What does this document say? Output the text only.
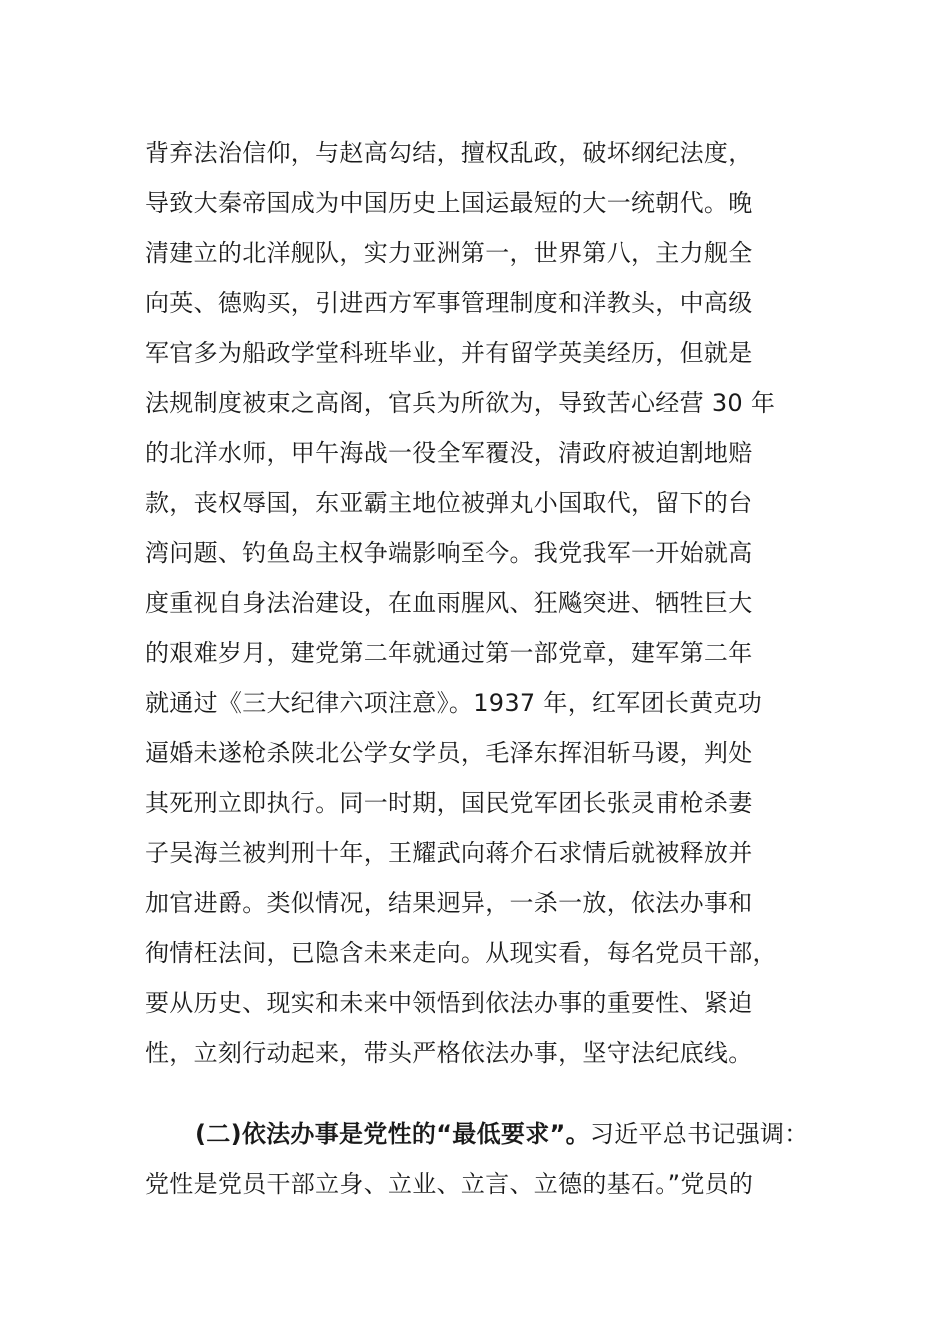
背弃法治信仰，与赵高勾结，擅权乱政，破坏纲纪法度，
导致大秦帝国成为中国历史上国运最短的大一统朝代。晚
清建立的北洋舰队，实力亚洲第一，世界第八，主力舰全
向英、德购买，引进西方军事管理制度和洋教头，中高级
军官多为船政学堂科班毕业，并有留学英美经历，但就是
法规制度被束之高阁，官兵为所欲为，导致苦心经营 30 年
的北洋水师，甲午海战一役全军覆没，清政府被迫割地赔
款，丧权辱国，东亚霸主地位被弹丸小国取代，留下的台
湾问题、钓鱼岛主权争端影响至今。我党我军一开始就高
度重视自身法治建设，在血雨腥风、狂飚突进、牺牲巨大
的艰难岁月，建党第二年就通过第一部党章，建军第二年
就通过《三大纪律六项注意》。1937 年，红军团长黄克功
逼婚未遂枪杀陕北公学女学员，毛泽东挥泪斩马谡，判处
其死刑立即执行。同一时期，国民党军团长张灵甫枪杀妻
子吴海兰被判刑十年，王耀武向蒋介石求情后就被释放并
加官进爵。类似情况，结果迥异，一杀一放，依法办事和
徇情枉法间，已隐含未来走向。从现实看，每名党员干部，
要从历史、现实和未来中领悟到依法办事的重要性、紧迫
性，立刻行动起来，带头严格依法办事，坚守法纪底线。
(二)依法办事是党性的“最低要求”。习近平总书记强调：
党性是党员干部立身、立业、立言、立德的基石。”党员的
